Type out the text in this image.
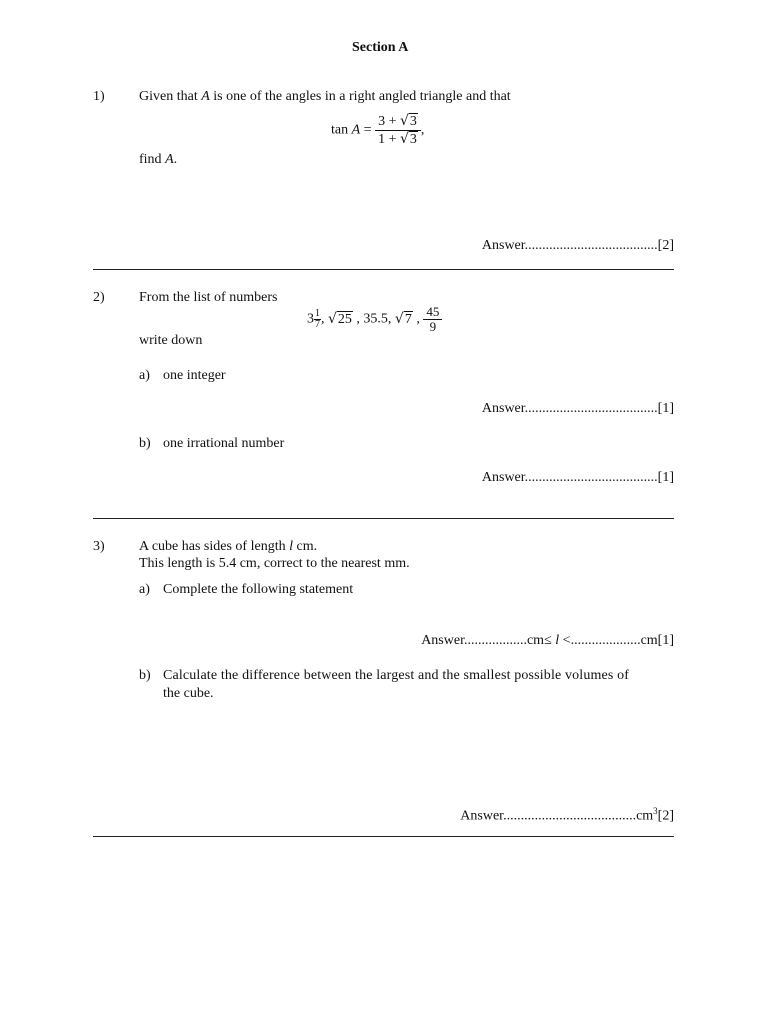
Section A
1) Given that A is one of the angles in a right angled triangle and that
$\tan A = \frac{3 + √3}{1 + √3}$ ,
find A.
Answer......................................[2]
2) From the list of numbers
$3 \frac{1}{7}$ , √25 , 35.5, √7 , $\frac{45}{9}$
write down
a) one integer
Answer......................................[1]
b) one irrational number
Answer......................................[1]
3) A cube has sides of length l cm.
This length is 5.4 cm, correct to the nearest mm.
a) Complete the following statement
Answer..................cm≤ l <....................cm[1]
b) Calculate the difference between the largest and the smallest possible volumes of
the cube.
$Answer......................................cm^3[2]$
